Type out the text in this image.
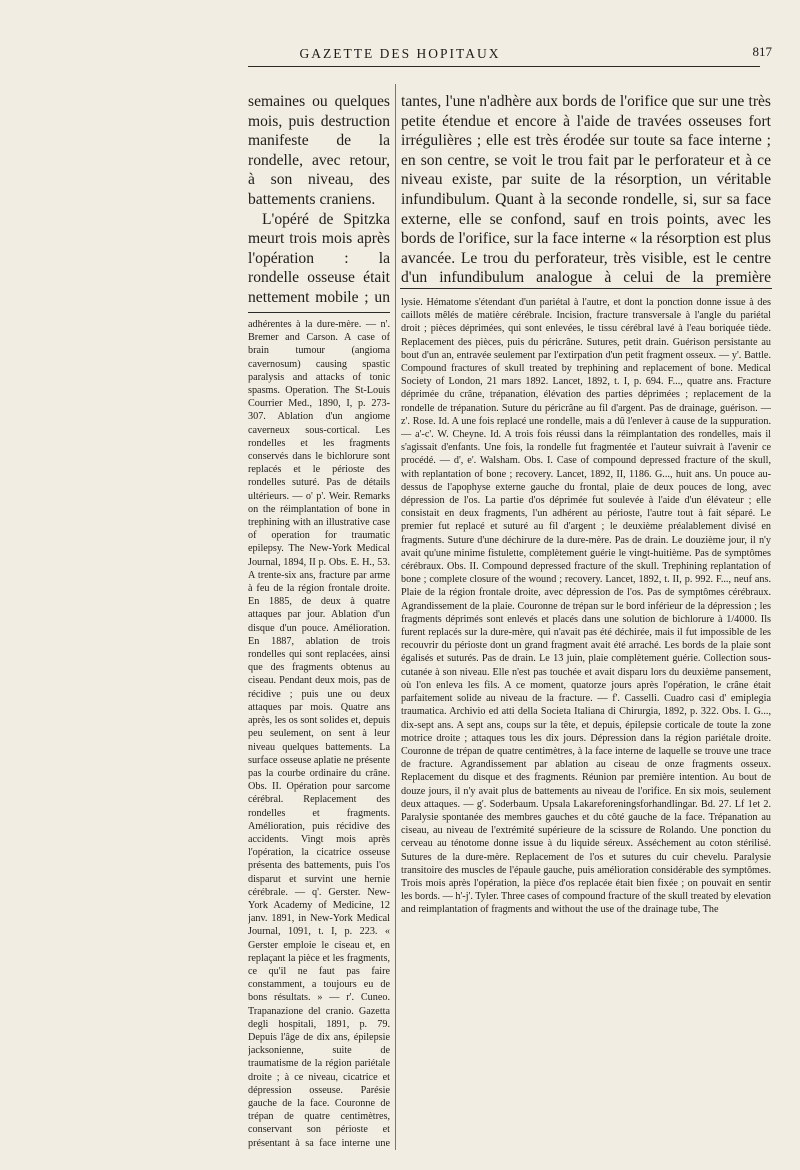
GAZETTE DES HOPITAUX	817

semaines ou quelques mois, puis destruction manifeste de la rondelle, avec retour, à son niveau, des battements craniens.

L'opéré de Spitzka meurt trois mois après l'opération : la rondelle osseuse était nettement mobile ; un

tantes, l'une n'adhère aux bords de l'orifice que sur une très petite étendue et encore à l'aide de travées osseuses fort irrégulières ; elle est très érodée sur toute sa face interne ; en son centre, se voit le trou fait par le perforateur et à ce niveau existe, par suite de la résorption, un véritable infundibulum. Quant à la seconde rondelle, si, sur sa face externe, elle se confond, sauf en trois points, avec les bords de l'orifice, sur la face interne « la résorption est plus avancée. Le trou du perforateur, très visible, est le centre d'un infundibulum analogue à celui de la première

adhérentes à la dure-mère. — n'. Bremer and Carson. A case of brain tumour (angioma cavernosum) causing spastic paralysis and attacks of tonic spasms. Operation. The St-Louis Courrier Med., 1890, I, p. 273-307. Ablation d'un angiome caverneux sous-cortical. Les rondelles et les fragments conservés dans le bichlorure sont replacés et le périoste des rondelles suturé. Pas de détails ultérieurs. — o' p'. Weir. Remarks on the réimplantation of bone in trephining with an illustrative case of operation for traumatic epilepsy. The New-York Medical Journal, 1894, II p. Obs. E. H., 53. A trente-six ans, fracture par arme à feu de la région frontale droite. En 1885, de deux à quatre attaques par jour. Ablation d'un disque d'un pouce. Amélioration. En 1887, ablation de trois rondelles qui sont replacées, ainsi que des fragments obtenus au ciseau. Pendant deux mois, pas de récidive ; puis une ou deux attaques par mois. Quatre ans après, les os sont solides et, depuis peu seulement, on sent à leur niveau quelques battements. La surface osseuse aplatie ne présente pas la courbe ordinaire du crâne. Obs. II. Opération pour sarcome cérébral. Replacement des rondelles et fragments. Amélioration, puis récidive des accidents. Vingt mois après l'opération, la cicatrice osseuse présenta des battements, puis l'os disparut et survint une hernie cérébrale. — q'. Gerster. New-York Academy of Medicine, 12 janv. 1891, in New-York Medical Journal, 1091, t. I, p. 223. « Gerster emploie le ciseau et, en replaçant la pièce et les fragments, ce qu'il ne faut pas faire constamment, a toujours eu de bons résultats. » — r'. Cuneo. Trapanazione del cranio. Gazetta degli hospitali, 1891, p. 79. Depuis l'âge de dix ans, épilepsie jacksonienne, suite de traumatisme de la région pariétale droite ; à ce niveau, cicatrice et dépression osseuse. Parésie gauche de la face. Couronne de trépan de quatre centimètres, conservant son périoste et présentant à sa face interne une

lysie. Hématome s'étendant d'un pariétal à l'autre, et dont la ponction donne issue à des caillots mêlés de matière cérébrale. Incision, fracture transversale à l'angle du pariétal droit ; pièces déprimées, qui sont enlevées, le tissu cérébral lavé à l'eau boriquée tiède. Replacement des pièces, puis du péricrâne. Sutures, petit drain. Guérison persistante au bout d'un an, entravée seulement par l'extirpation d'un petit fragment osseux. — y'. Battle. Compound fractures of skull treated by trephining and replacement of bone. Medical Society of London, 21 mars 1892. Lancet, 1892, t. I, p. 694. F..., quatre ans. Fracture déprimée du crâne, trépanation, élévation des parties déprimées ; replacement de la rondelle de trépanation. Suture du péricrâne au fil d'argent. Pas de drainage, guérison. — z'. Rose. Id. A une fois replacé une rondelle, mais a dû l'enlever à cause de la suppuration. — a'-c'. W. Cheyne. Id. A trois fois réussi dans la réimplantation des rondelles, mais il s'agissait d'enfants. Une fois, la rondelle fut fragmentée et l'auteur suivrait à l'avenir ce procédé. — d', e'. Walsham. Obs. I. Case of compound depressed fracture of the skull, with replantation of bone ; recovery. Lancet, 1892, II, 1186. G..., huit ans. Un pouce au-dessus de l'apophyse externe gauche du frontal, plaie de deux pouces de long, avec dépression de l'os. La partie d'os déprimée fut soulevée à l'aide d'un élévateur ; elle consistait en deux fragments, l'un adhérent au périoste, l'autre tout à fait séparé. Le premier fut replacé et suturé au fil d'argent ; le deuxième préalablement divisé en fragments. Suture d'une déchirure de la dure-mère. Pas de drain. Le douzième jour, il n'y avait qu'une minime fistulette, complètement guérie le vingt-huitième. Pas de symptômes cérébraux. Obs. II. Compound depressed fracture of the skull. Trephining replantation of bone ; complete closure of the wound ; recovery. Lancet, 1892, t. II, p. 992. F..., neuf ans. Plaie de la région frontale droite, avec dépression de l'os. Pas de symptômes cérébraux. Agrandissement de la plaie. Couronne de trépan sur le bord inférieur de la dépression ; les fragments déprimés sont enlevés et placés dans une solution de bichlorure à 1/4000. Ils furent replacés sur la dure-mère, qui n'avait pas été déchirée, mais il fut impossible de les recouvrir du périoste dont un grand fragment avait été arraché. Les bords de la plaie sont égalisés et suturés. Pas de drain. Le 13 juin, plaie complètement guérie. Collection sous-cutanée à son niveau. Elle n'est pas touchée et avait disparu lors du deuxième pansement, où l'on enleva les fils. A ce moment, quatorze jours après l'opération, le crâne était parfaitement solide au niveau de la fracture. — f'. Casselli. Cuadro casi d' emiplegia traumatica. Archivio ed atti della Societa Italiana di Chirurgia, 1892, p. 322. Obs. I. G..., dix-sept ans. A sept ans, coups sur la tête, et depuis, épilepsie corticale de toute la zone motrice droite ; attaques tous les dix jours. Dépression dans la région pariétale droite. Couronne de trépan de quatre centimètres, à la face interne de laquelle se trouve une trace de fracture. Agrandissement par ablation au ciseau de onze fragments osseux. Replacement du disque et des fragments. Réunion par première intention. Au bout de douze jours, il n'y avait plus de battements au niveau de l'orifice. En six mois, seulement deux attaques. — g'. Soderbaum. Upsala Lakareforeningsforhandlingar. Bd. 27. Lf 1et 2. Paralysie spontanée des membres gauches et du côté gauche de la face. Trépanation au ciseau, au niveau de l'extrémité supérieure de la scissure de Rolando. Une ponction du cerveau au ténotome donne issue à du liquide séreux. Asséchement au coton stérilisé. Sutures de la dure-mère. Replacement de l'os et sutures du cuir chevelu. Paralysie transitoire des muscles de l'épaule gauche, puis amélioration considérable des symptômes. Trois mois après l'opération, la pièce d'os replacée était bien fixée ; on pouvait en sentir les bords. — h'-j'. Tyler. Three cases of compound fracture of the skull treated by elevation and reimplantation of fragments and without the use of the drainage tube, The
